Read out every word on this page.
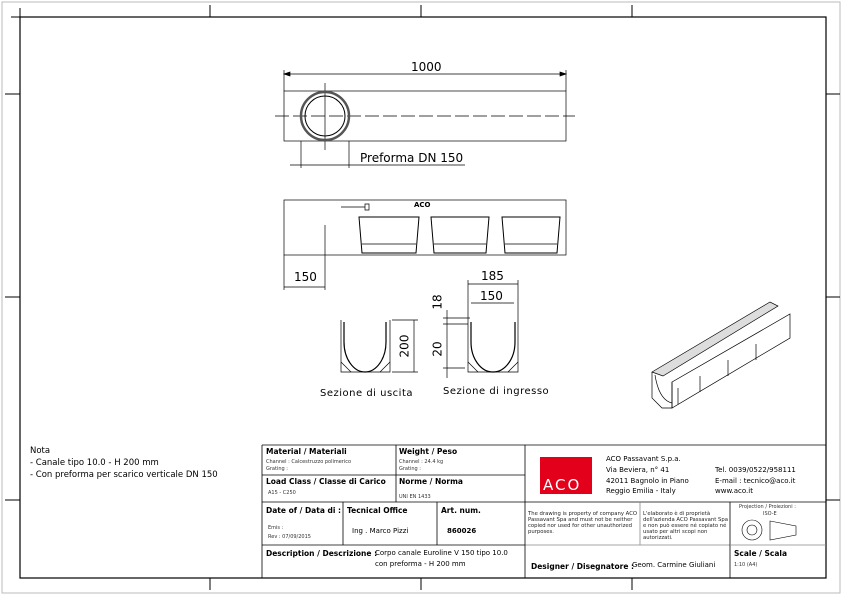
1000
Preforma DN 150
ACO
150	185
150
18
20
200
Sezione di uscita	Sezione di ingresso
Nota
- Canale tipo 10.0 - H 200 mm
- Con preforma per scarico verticale DN 150
Material / Materiali
Channel : Calcestruzzo polimerico
Grating :
Weight / Peso
Channel : 24.4 kg
Grating :
Load Class / Classe di Carico
A15 - C250
Norme / Norma
UNI EN 1433
Date of / Data di :
Emis :
Rev : 07/09/2015
Tecnical Office
Ing . Marco Pizzi
Art. num.
860026
Description / Descrizione :
Corpo canale Euroline V 150 tipo 10.0
con preforma - H 200 mm
ACO
ACO Passavant S.p.a.
Via Beviera, n° 41
42011 Bagnolo in Piano
Reggio Emilia - Italy
Tel. 0039/0522/958111
E-mail : tecnico@aco.it
www.aco.it
The drawing is property of company ACO Passavant Spa and must not be neither copied nor used for other unauthorized purposes.
L'elaborato è di proprietà dell'azienda ACO Passavant Spa e non può essere né copiato né usato per altri scopi non autorizzati.
Projection / Proiezioni :
ISO-E
Designer / Disegnatore :
Geom. Carmine Giuliani
Scale / Scala
1:10 (A4)
